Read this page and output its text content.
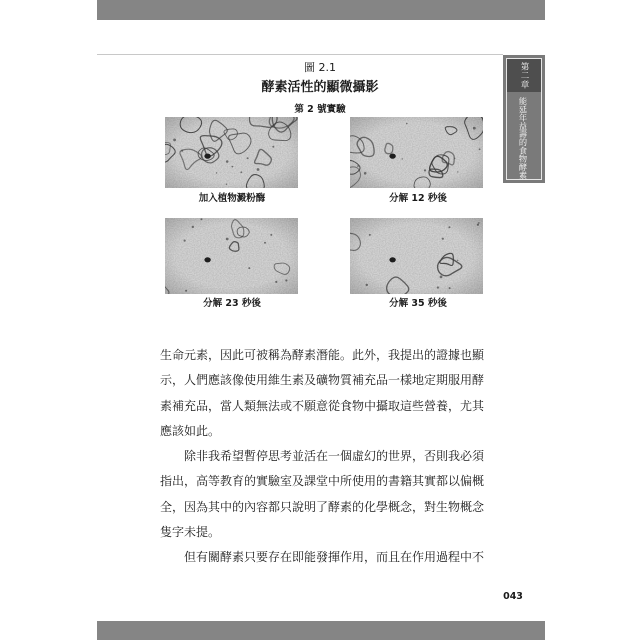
第二章
能延年益壽的食物酵素
圖 2.1
酵素活性的顯微攝影
第 2 號實驗
加入植物澱粉酶	分解 12 秒後
分解 23 秒後	分解 35 秒後
生命元素，因此可被稱為酵素潛能。此外，我提出的證據也顯
示，人們應該像使用維生素及礦物質補充品一樣地定期服用酵
素補充品，當人類無法或不願意從食物中攝取這些營養，尤其
應該如此。
除非我希望暫停思考並活在一個虛幻的世界，否則我必須
指出，高等教育的實驗室及課堂中所使用的書籍其實都以偏概
全，因為其中的內容都只說明了酵素的化學概念，對生物概念
隻字未提。
但有關酵素只要存在即能發揮作用，而且在作用過程中不
043
